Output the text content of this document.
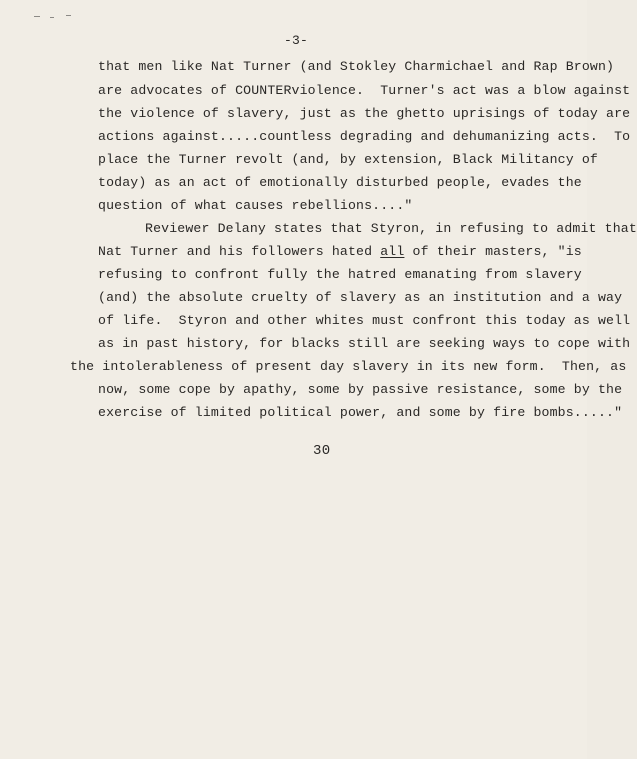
-3-
that men like Nat Turner (and Stokley Charmichael and Rap Brown)
are advocates of COUNTERviolence.  Turner's act was a blow against
the violence of slavery, just as the ghetto uprisings of today are
actions against.....countless degrading and dehumanizing acts.  To
place the Turner revolt (and, by extension, Black Militancy of
today) as an act of emotionally disturbed people, evades the
question of what causes rebellions...."
Reviewer Delany states that Styron, in refusing to admit that
Nat Turner and his followers hated all of their masters, "is
refusing to confront fully the hatred emanating from slavery
(and) the absolute cruelty of slavery as an institution and a way
of life.  Styron and other whites must confront this today as well
as in past history, for blacks still are seeking ways to cope with
the intolerableness of present day slavery in its new form.  Then, as
now, some cope by apathy, some by passive resistance, some by the
exercise of limited political power, and some by fire bombs....."
30
